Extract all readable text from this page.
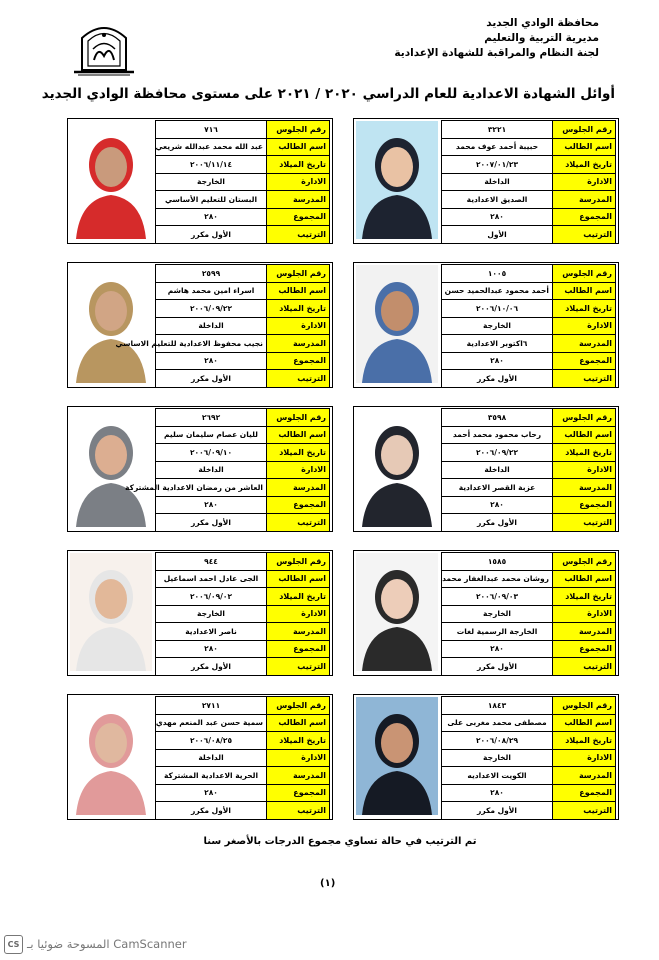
محافظة الوادي الجديد
مديرية التربية والتعليم
لجنة النظام والمراقبة للشهادة الإعدادية
أوائل الشهادة الاعدادية للعام الدراسي ٢٠٢٠ / ٢٠٢١ على مستوى محافظة الوادي الجديد
٣٢٢١	رقم الجلوس
حبيبة أحمد عوف محمد	اسم الطالب
٢٠٠٧/٠١/٢٣	تاريخ الميلاد
الداخلة	الادارة
الصديق الاعدادية	المدرسة
٢٨٠	المجموع
الأول	الترتيب
٧١٦	رقم الجلوس
عبد الله محمد عبدالله شريعي	اسم الطالب
٢٠٠٦/١١/١٤	تاريخ الميلاد
الخارجة	الادارة
البستان للتعليم الأساسي	المدرسة
٢٨٠	المجموع
الأول مكرر	الترتيب
١٠٠٥	رقم الجلوس
أحمد محمود عبدالحميد حسن	اسم الطالب
٢٠٠٦/١٠/٠٦	تاريخ الميلاد
الخارجة	الادارة
٦اكتوبر الاعدادية	المدرسة
٢٨٠	المجموع
الأول مكرر	الترتيب
٢٥٩٩	رقم الجلوس
اسراء امين محمد هاشم	اسم الطالب
٢٠٠٦/٠٩/٢٢	تاريخ الميلاد
الداخلة	الادارة
نجيب محفوظ الاعدادية للتعليم الاساسي	المدرسة
٢٨٠	المجموع
الأول مكرر	الترتيب
٣٥٩٨	رقم الجلوس
رحاب محمود محمد أحمد	اسم الطالب
٢٠٠٦/٠٩/٢٢	تاريخ الميلاد
الداخلة	الادارة
عزبة القصر الاعدادية	المدرسة
٢٨٠	المجموع
الأول مكرر	الترتيب
٢٦٩٢	رقم الجلوس
لليان عصام سليمان سليم	اسم الطالب
٢٠٠٦/٠٩/١٠	تاريخ الميلاد
الداخلة	الادارة
العاشر من رمضان الاعدادية المشتركة	المدرسة
٢٨٠	المجموع
الأول مكرر	الترتيب
١٥٨٥	رقم الجلوس
روشان محمد عبدالغفار محمد	اسم الطالب
٢٠٠٦/٠٩/٠٣	تاريخ الميلاد
الخارجة	الادارة
الخارجة الرسمية لغات	المدرسة
٢٨٠	المجموع
الأول مكرر	الترتيب
٩٤٤	رقم الجلوس
الجى عادل احمد اسماعيل	اسم الطالب
٢٠٠٦/٠٩/٠٢	تاريخ الميلاد
الخارجة	الادارة
ناصر الاعدادية	المدرسة
٢٨٠	المجموع
الأول مكرر	الترتيب
١٨٤٣	رقم الجلوس
مصطفى محمد مغربى على	اسم الطالب
٢٠٠٦/٠٨/٢٩	تاريخ الميلاد
الخارجة	الادارة
الكويت الاعداديه	المدرسة
٢٨٠	المجموع
الأول مكرر	الترتيب
٢٧١١	رقم الجلوس
سمية حسن عبد المنعم مهدي	اسم الطالب
٢٠٠٦/٠٨/٢٥	تاريخ الميلاد
الداخلة	الادارة
الحرية الاعدادية المشتركة	المدرسة
٢٨٠	المجموع
الأول مكرر	الترتيب
تم الترتيب في حالة تساوي مجموع الدرجات بالأصغر سنا
(١)
CS المسوحة ضوئيا بـ CamScanner
